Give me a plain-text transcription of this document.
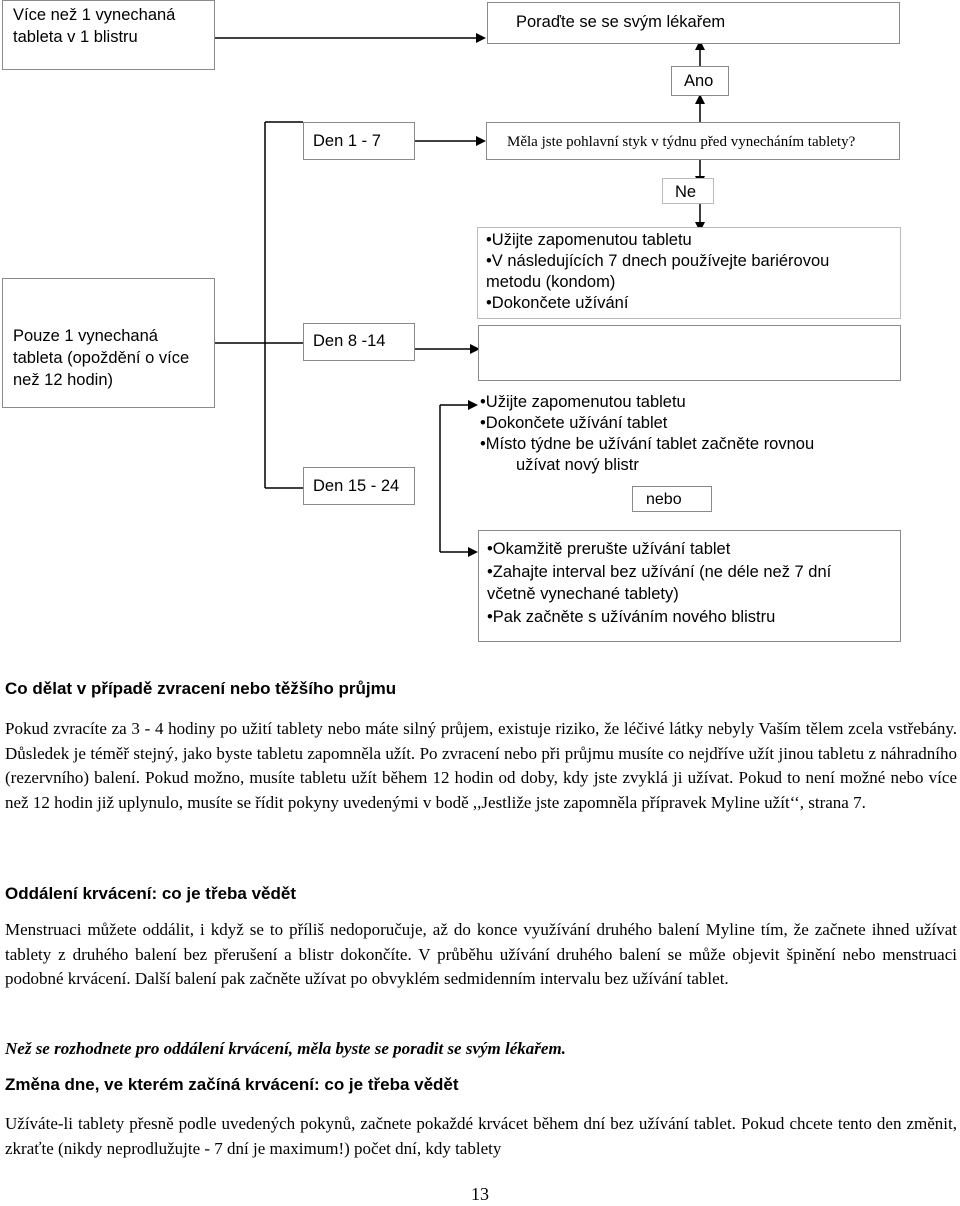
Více než 1 vynechaná
tableta v 1 blistru
Poraďte se se svým lékařem
Ano
Den 1 - 7	Měla jste pohlavní styk v týdnu před vynecháním tablety?
Ne
Pouze 1 vynechaná
tableta (opoždění o více
než 12 hodin)
Den 8 -14
Den 15 - 24
•Užijte zapomenutou tabletu
•V následujících 7 dnech používejte bariérovou
metodu (kondom)
•Dokončete užívání
•Užijte zapomenutou tabletu
•Dokončete užívání tablet
•Místo týdne be užívání tablet začněte rovnou
užívat nový blistr
nebo
•Okamžitě prerušte užívání tablet
•Zahajte interval bez užívání (ne déle než 7 dní
včetně vynechané tablety)
•Pak začněte s užíváním nového blistru
Co dělat v případě zvracení nebo těžšího průjmu

Pokud zvracíte za 3 - 4 hodiny po užití tablety nebo máte silný průjem, existuje riziko, že léčivé látky nebyly Vaším tělem zcela vstřebány. Důsledek je téměř stejný, jako byste tabletu zapomněla užít. Po zvracení nebo při průjmu musíte co nejdříve užít jinou tabletu z náhradního (rezervního) balení. Pokud možno, musíte tabletu užít během 12 hodin od doby, kdy jste zvyklá ji užívat. Pokud to není možné nebo více než 12 hodin již uplynulo, musíte se řídit pokyny uvedenými v bodě ,,Jestliže jste zapomněla přípravek Myline užít‘‘, strana 7.

Oddálení krvácení: co je třeba vědět

Menstruaci můžete oddálit, i když se to příliš nedoporučuje, až do konce využívání druhého balení Myline tím, že začnete ihned užívat tablety z druhého balení bez přerušení a blistr dokončíte. V průběhu užívání druhého balení se může objevit špinění nebo menstruaci podobné krvácení. Další balení pak začněte užívat po obvyklém sedmidenním intervalu bez užívání tablet.

Než se rozhodnete pro oddálení krvácení, měla byste se poradit se svým lékařem.
Změna dne, ve kterém začíná krvácení: co je třeba vědět

Užíváte-li tablety přesně podle uvedených pokynů, začnete pokaždé krvácet během dní bez užívání tablet. Pokud chcete tento den změnit, zkraťte (nikdy neprodlužujte - 7 dní je maximum!) počet dní, kdy tablety

13
